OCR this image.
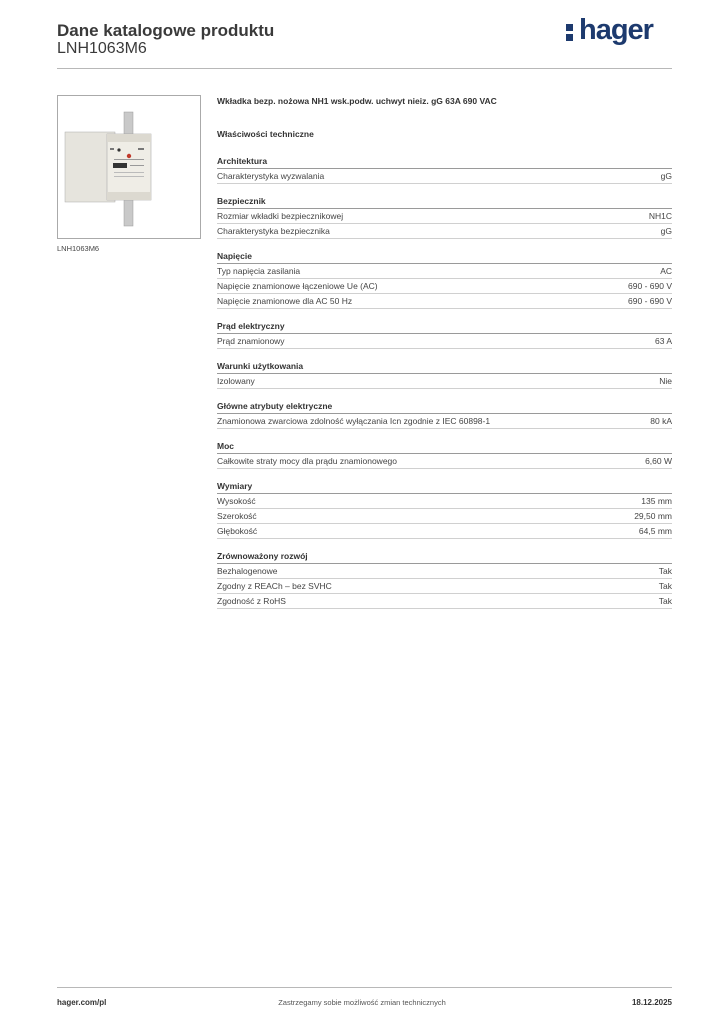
Dane katalogowe produktu
LNH1063M6
hager
LNH1063M6
Wkładka bezp. nożowa NH1 wsk.podw. uchwyt nieiz. gG 63A 690 VAC
Właściwości techniczne
Architektura
Charakterystyka wyzwalania	gG
Bezpiecznik
Rozmiar wkładki bezpiecznikowej	NH1C
Charakterystyka bezpiecznika	gG
Napięcie
Typ napięcia zasilania	AC
Napięcie znamionowe łączeniowe Ue (AC)	690 - 690 V
Napięcie znamionowe dla AC 50 Hz	690 - 690 V
Prąd elektryczny
Prąd znamionowy	63 A
Warunki użytkowania
Izolowany	Nie
Główne atrybuty elektryczne
Znamionowa zwarciowa zdolność wyłączania Icn zgodnie z IEC 60898-1	80 kA
Moc
Całkowite straty mocy dla prądu znamionowego	6,60 W
Wymiary
Wysokość	135 mm
Szerokość	29,50 mm
Głębokość	64,5 mm
Zrównoważony rozwój
Bezhalogenowe	Tak
Zgodny z REACh – bez SVHC	Tak
Zgodność z RoHS	Tak
hager.com/pl	Zastrzegamy sobie możliwość zmian technicznych	18.12.2025
